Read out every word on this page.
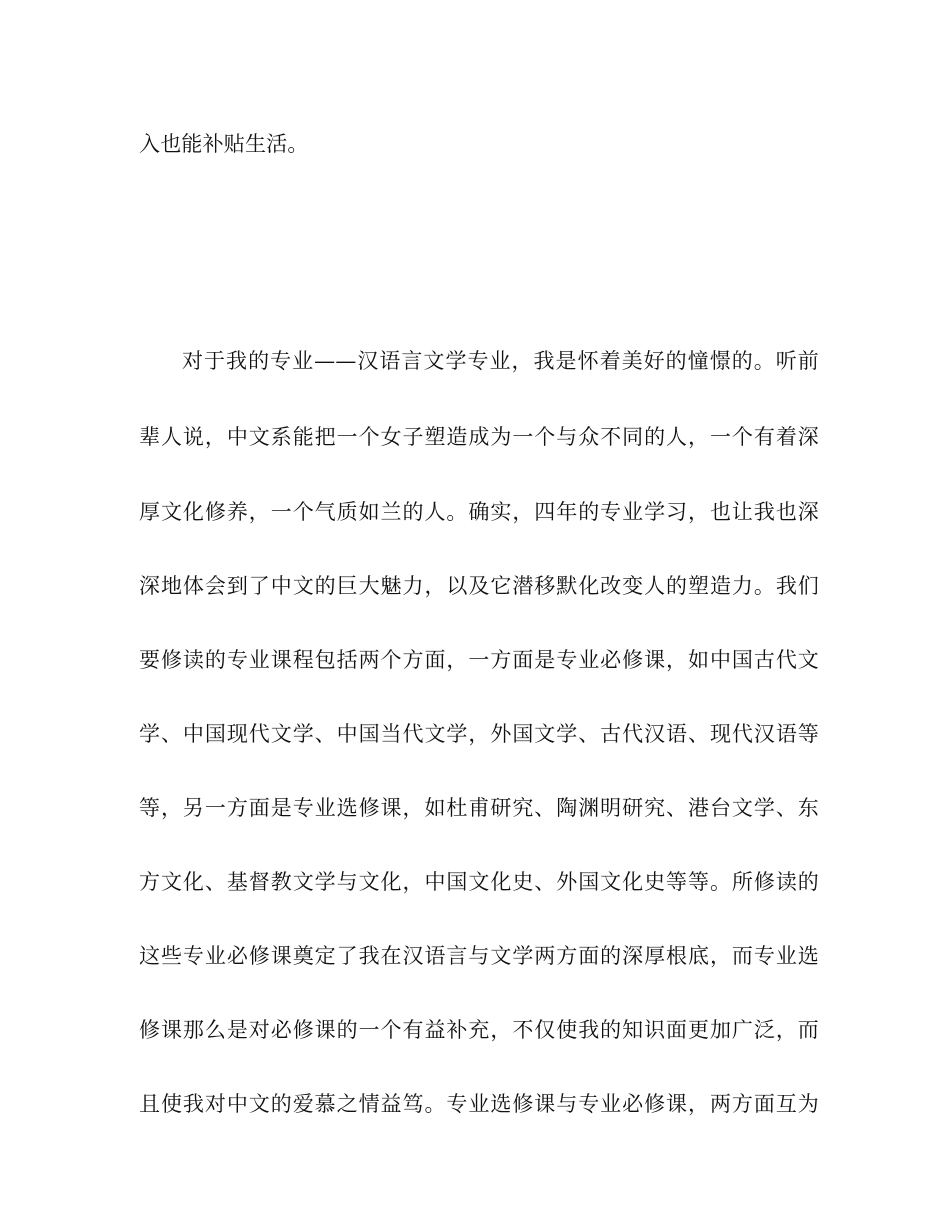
入也能补贴生活。
对于我的专业——汉语言文学专业，我是怀着美好的憧憬的。听前
辈人说，中文系能把一个女子塑造成为一个与众不同的人，一个有着深
厚文化修养，一个气质如兰的人。确实，四年的专业学习，也让我也深
深地体会到了中文的巨大魅力，以及它潜移默化改变人的塑造力。我们
要修读的专业课程包括两个方面，一方面是专业必修课，如中国古代文
学、中国现代文学、中国当代文学，外国文学、古代汉语、现代汉语等
等，另一方面是专业选修课，如杜甫研究、陶渊明研究、港台文学、东
方文化、基督教文学与文化，中国文化史、外国文化史等等。所修读的
这些专业必修课奠定了我在汉语言与文学两方面的深厚根底，而专业选
修课那么是对必修课的一个有益补充，不仅使我的知识面更加广泛，而
且使我对中文的爱慕之情益笃。专业选修课与专业必修课，两方面互为
